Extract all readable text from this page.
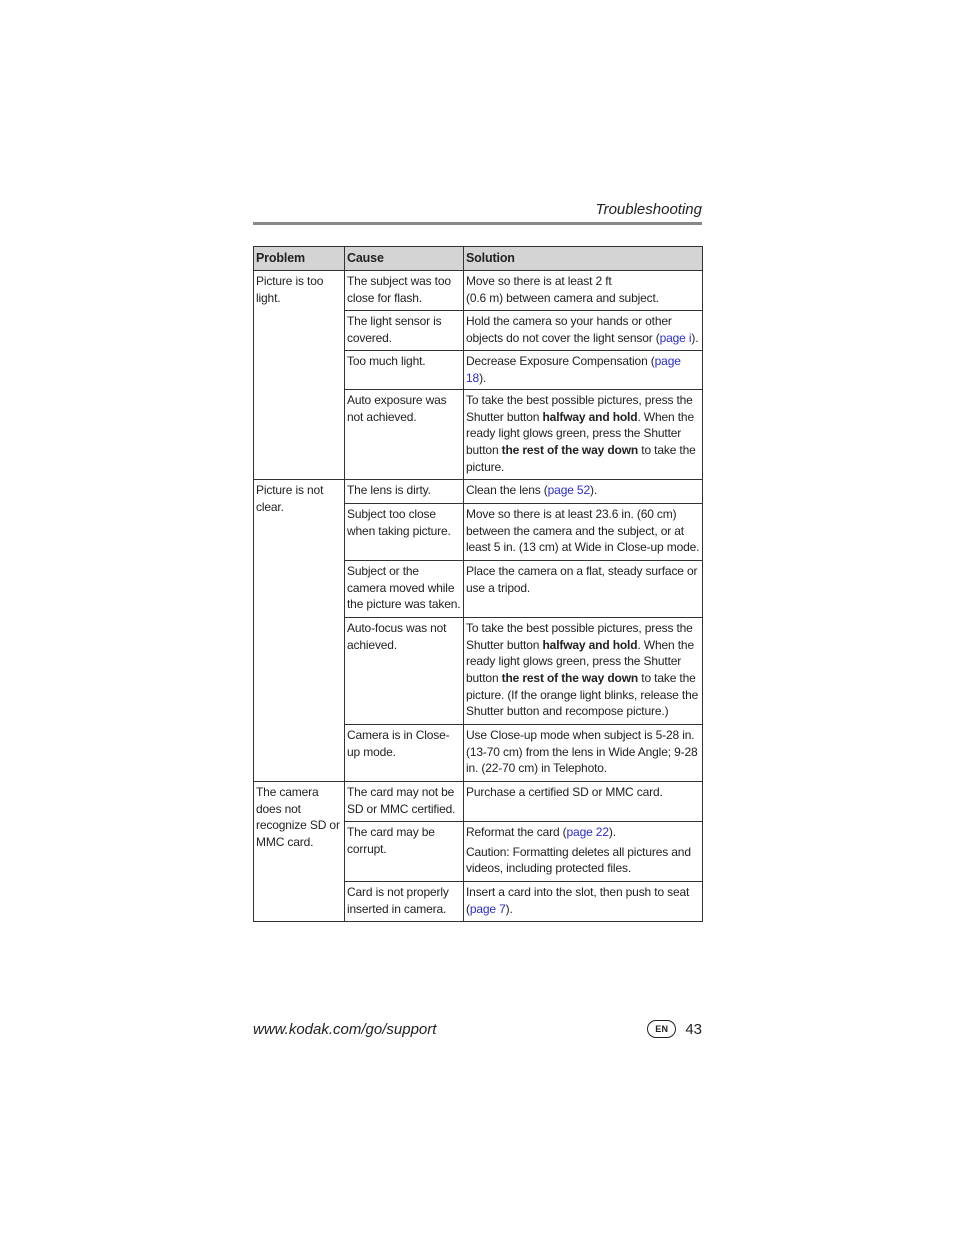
Troubleshooting
Problem	Cause	Solution
Picture is too light.	The subject was too close for flash.	Move so there is at least 2 ft
(0.6 m) between camera and subject.
	The light sensor is covered.	Hold the camera so your hands or other objects do not cover the light sensor (page i).
	Too much light.	Decrease Exposure Compensation (page 18).
	Auto exposure was not achieved.	To take the best possible pictures, press the Shutter button halfway and hold. When the ready light glows green, press the Shutter button the rest of the way down to take the picture.
Picture is not clear.	The lens is dirty.	Clean the lens (page 52).
	Subject too close when taking picture.	Move so there is at least 23.6 in. (60 cm) between the camera and the subject, or at least 5 in. (13 cm) at Wide in Close-up mode.
	Subject or the camera moved while the picture was taken.	Place the camera on a flat, steady surface or use a tripod.
	Auto-focus was not achieved.	To take the best possible pictures, press the Shutter button halfway and hold. When the ready light glows green, press the Shutter button the rest of the way down to take the picture. (If the orange light blinks, release the Shutter button and recompose picture.)
	Camera is in Close-up mode.	Use Close-up mode when subject is 5-28 in. (13-70 cm) from the lens in Wide Angle; 9-28 in. (22-70 cm) in Telephoto.
The camera does not recognize SD or MMC card.	The card may not be SD or MMC certified.	Purchase a certified SD or MMC card.
	The card may be corrupt.	Reformat the card (page 22).
Caution: Formatting deletes all pictures and videos, including protected files.

	Card is not properly inserted in camera.	Insert a card into the slot, then push to seat (page 7).
www.kodak.com/go/support	EN	43
